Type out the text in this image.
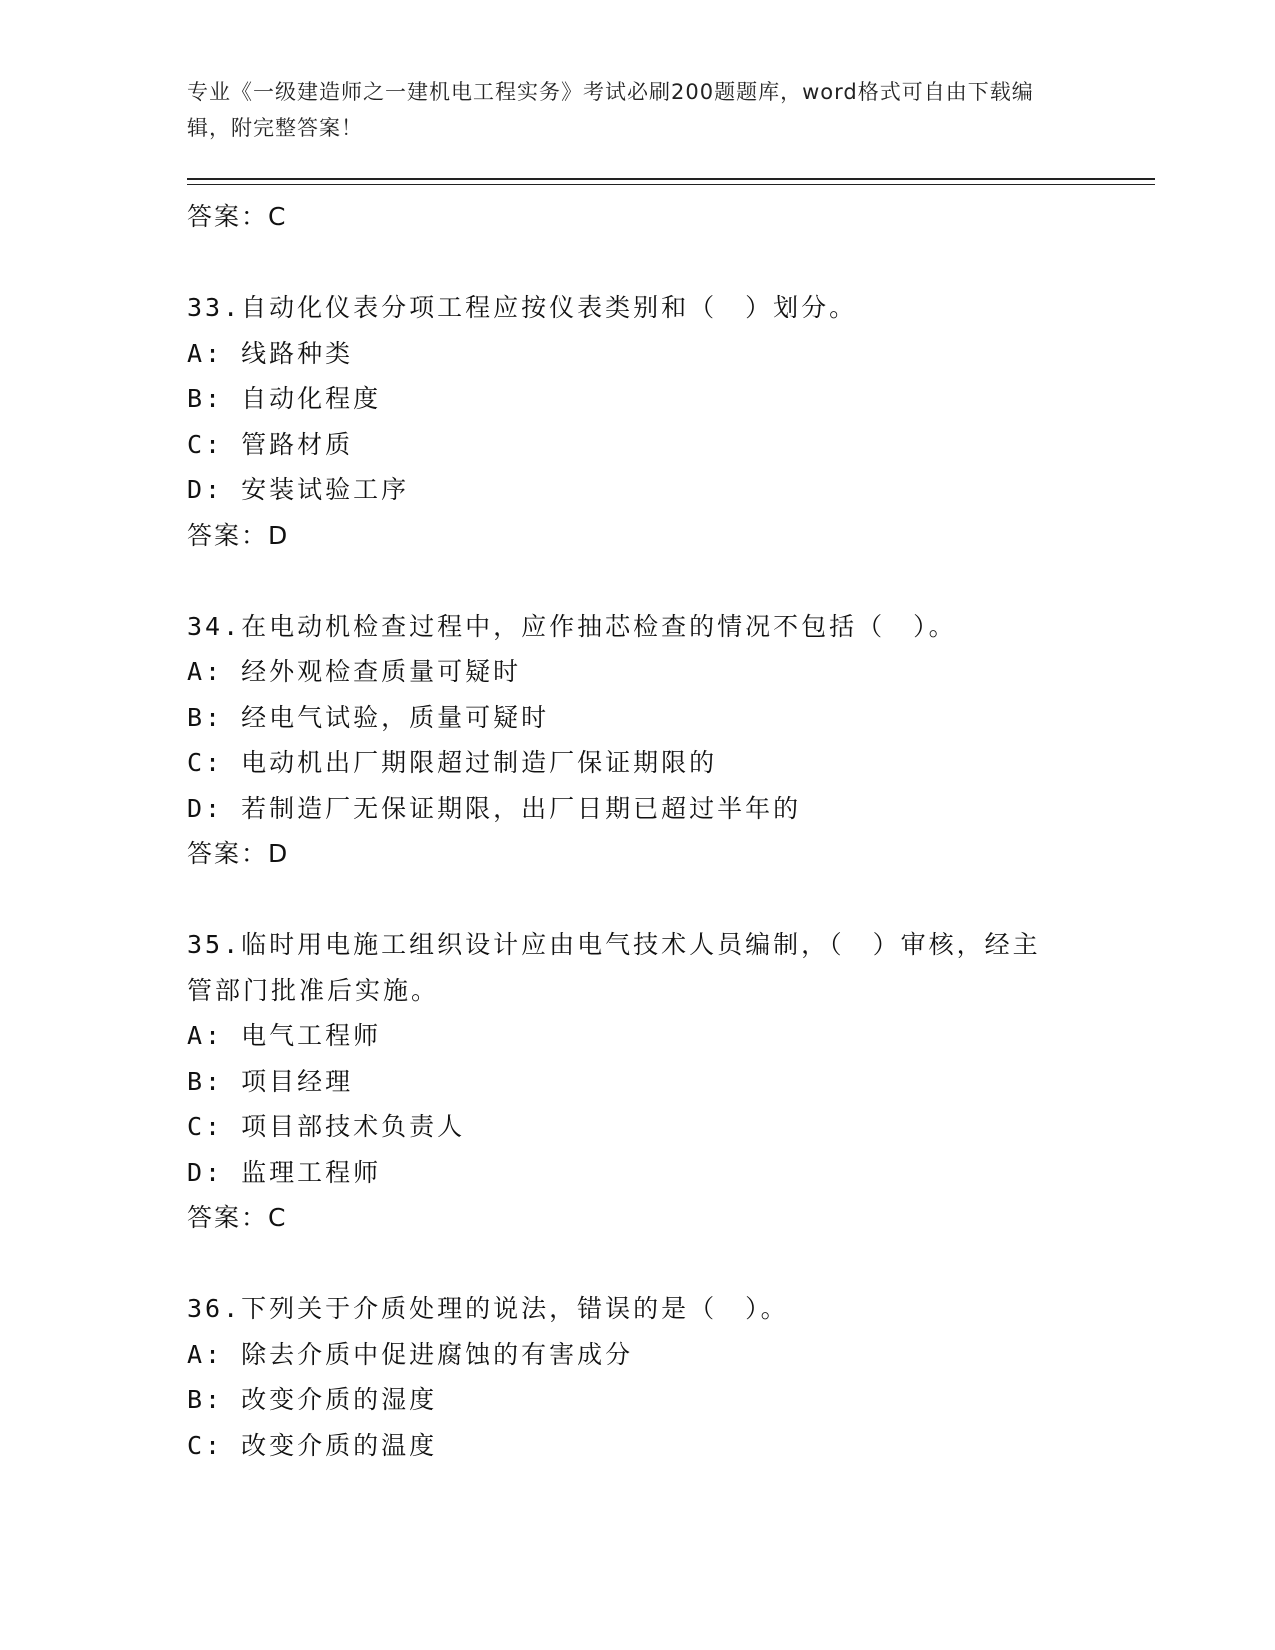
专业《一级建造师之一建机电工程实务》考试必刷200题题库，word格式可自由下载编辑，附完整答案！
答案：C
33.自动化仪表分项工程应按仪表类别和（　）划分。
A: 线路种类
B: 自动化程度
C: 管路材质
D: 安装试验工序
答案：D
34.在电动机检查过程中，应作抽芯检查的情况不包括（　）。
A: 经外观检查质量可疑时
B: 经电气试验，质量可疑时
C: 电动机出厂期限超过制造厂保证期限的
D: 若制造厂无保证期限，出厂日期已超过半年的
答案：D
35.临时用电施工组织设计应由电气技术人员编制，（　）审核，经主
管部门批准后实施。
A: 电气工程师
B: 项目经理
C: 项目部技术负责人
D: 监理工程师
答案：C
36.下列关于介质处理的说法，错误的是（　）。
A: 除去介质中促进腐蚀的有害成分
B: 改变介质的湿度
C: 改变介质的温度
